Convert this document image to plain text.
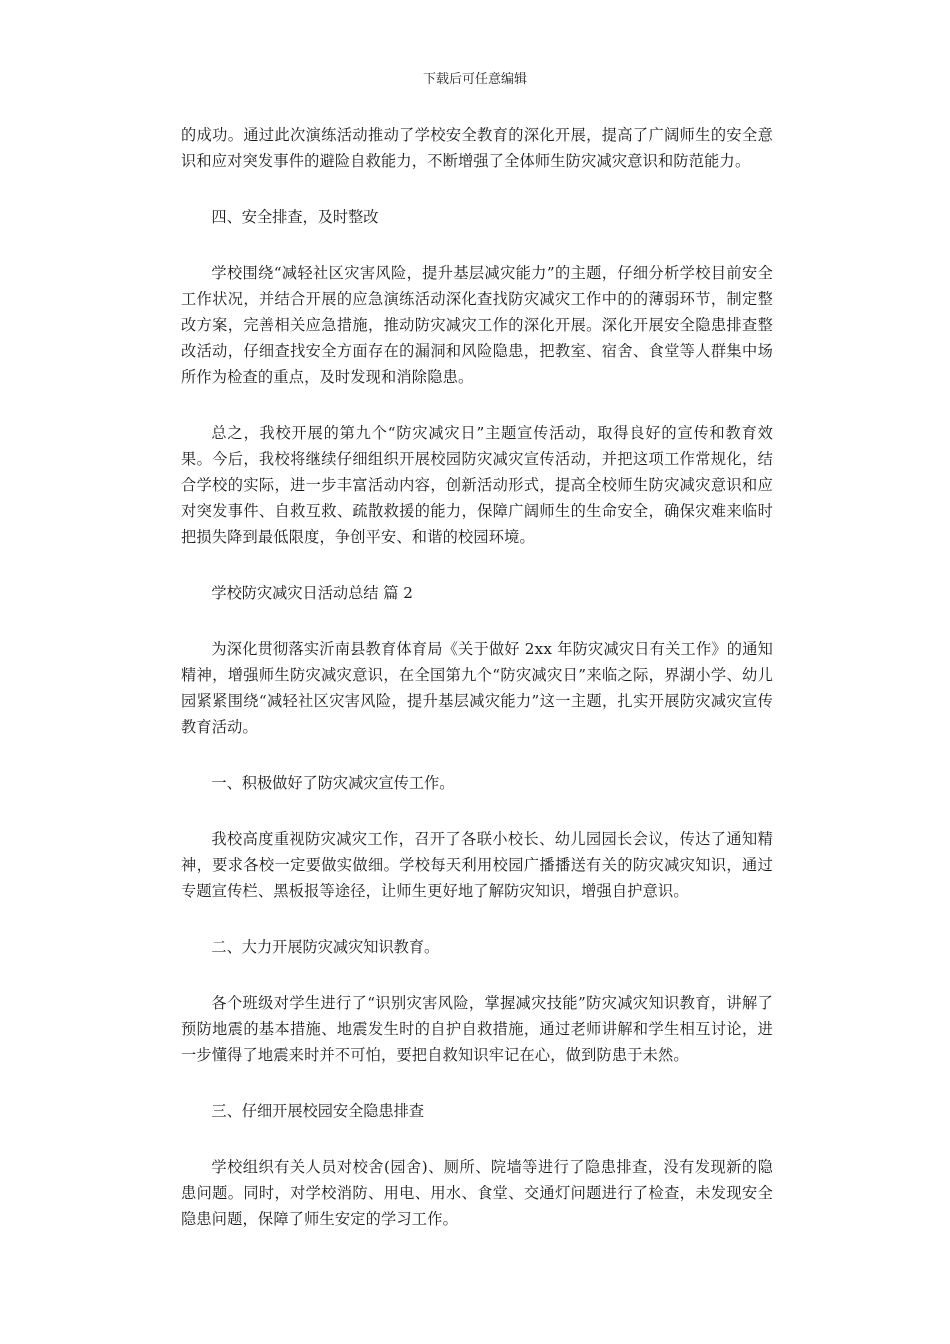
下载后可任意编辑

的成功。通过此次演练活动推动了学校安全教育的深化开展，提高了广阔师生的安全意识和应对突发事件的避险自救能力，不断增强了全体师生防灾减灾意识和防范能力。

四、安全排查，及时整改

学校围绕“减轻社区灾害风险，提升基层减灾能力”的主题，仔细分析学校目前安全工作状况，并结合开展的应急演练活动深化查找防灾减灾工作中的的薄弱环节，制定整改方案，完善相关应急措施，推动防灾减灾工作的深化开展。深化开展安全隐患排查整改活动，仔细查找安全方面存在的漏洞和风险隐患，把教室、宿舍、食堂等人群集中场所作为检查的重点，及时发现和消除隐患。

总之，我校开展的第九个“防灾减灾日”主题宣传活动，取得良好的宣传和教育效果。今后，我校将继续仔细组织开展校园防灾减灾宣传活动，并把这项工作常规化，结合学校的实际，进一步丰富活动内容，创新活动形式，提高全校师生防灾减灾意识和应对突发事件、自救互救、疏散救援的能力，保障广阔师生的生命安全，确保灾难来临时把损失降到最低限度，争创平安、和谐的校园环境。

学校防灾减灾日活动总结 篇 2

为深化贯彻落实沂南县教育体育局《关于做好 2xx 年防灾减灾日有关工作》的通知精神，增强师生防灾减灾意识，在全国第九个“防灾减灾日”来临之际，界湖小学、幼儿园紧紧围绕“减轻社区灾害风险，提升基层减灾能力”这一主题，扎实开展防灾减灾宣传教育活动。

一、积极做好了防灾减灾宣传工作。

我校高度重视防灾减灾工作，召开了各联小校长、幼儿园园长会议，传达了通知精神，要求各校一定要做实做细。学校每天利用校园广播播送有关的防灾减灾知识，通过专题宣传栏、黑板报等途径，让师生更好地了解防灾知识，增强自护意识。

二、大力开展防灾减灾知识教育。

各个班级对学生进行了“识别灾害风险，掌握减灾技能”防灾减灾知识教育，讲解了预防地震的基本措施、地震发生时的自护自救措施，通过老师讲解和学生相互讨论，进一步懂得了地震来时并不可怕，要把自救知识牢记在心，做到防患于未然。

三、仔细开展校园安全隐患排查

学校组织有关人员对校舍(园舍)、厕所、院墙等进行了隐患排查，没有发现新的隐患问题。同时，对学校消防、用电、用水、食堂、交通灯问题进行了检查，未发现安全隐患问题，保障了师生安定的学习工作。
